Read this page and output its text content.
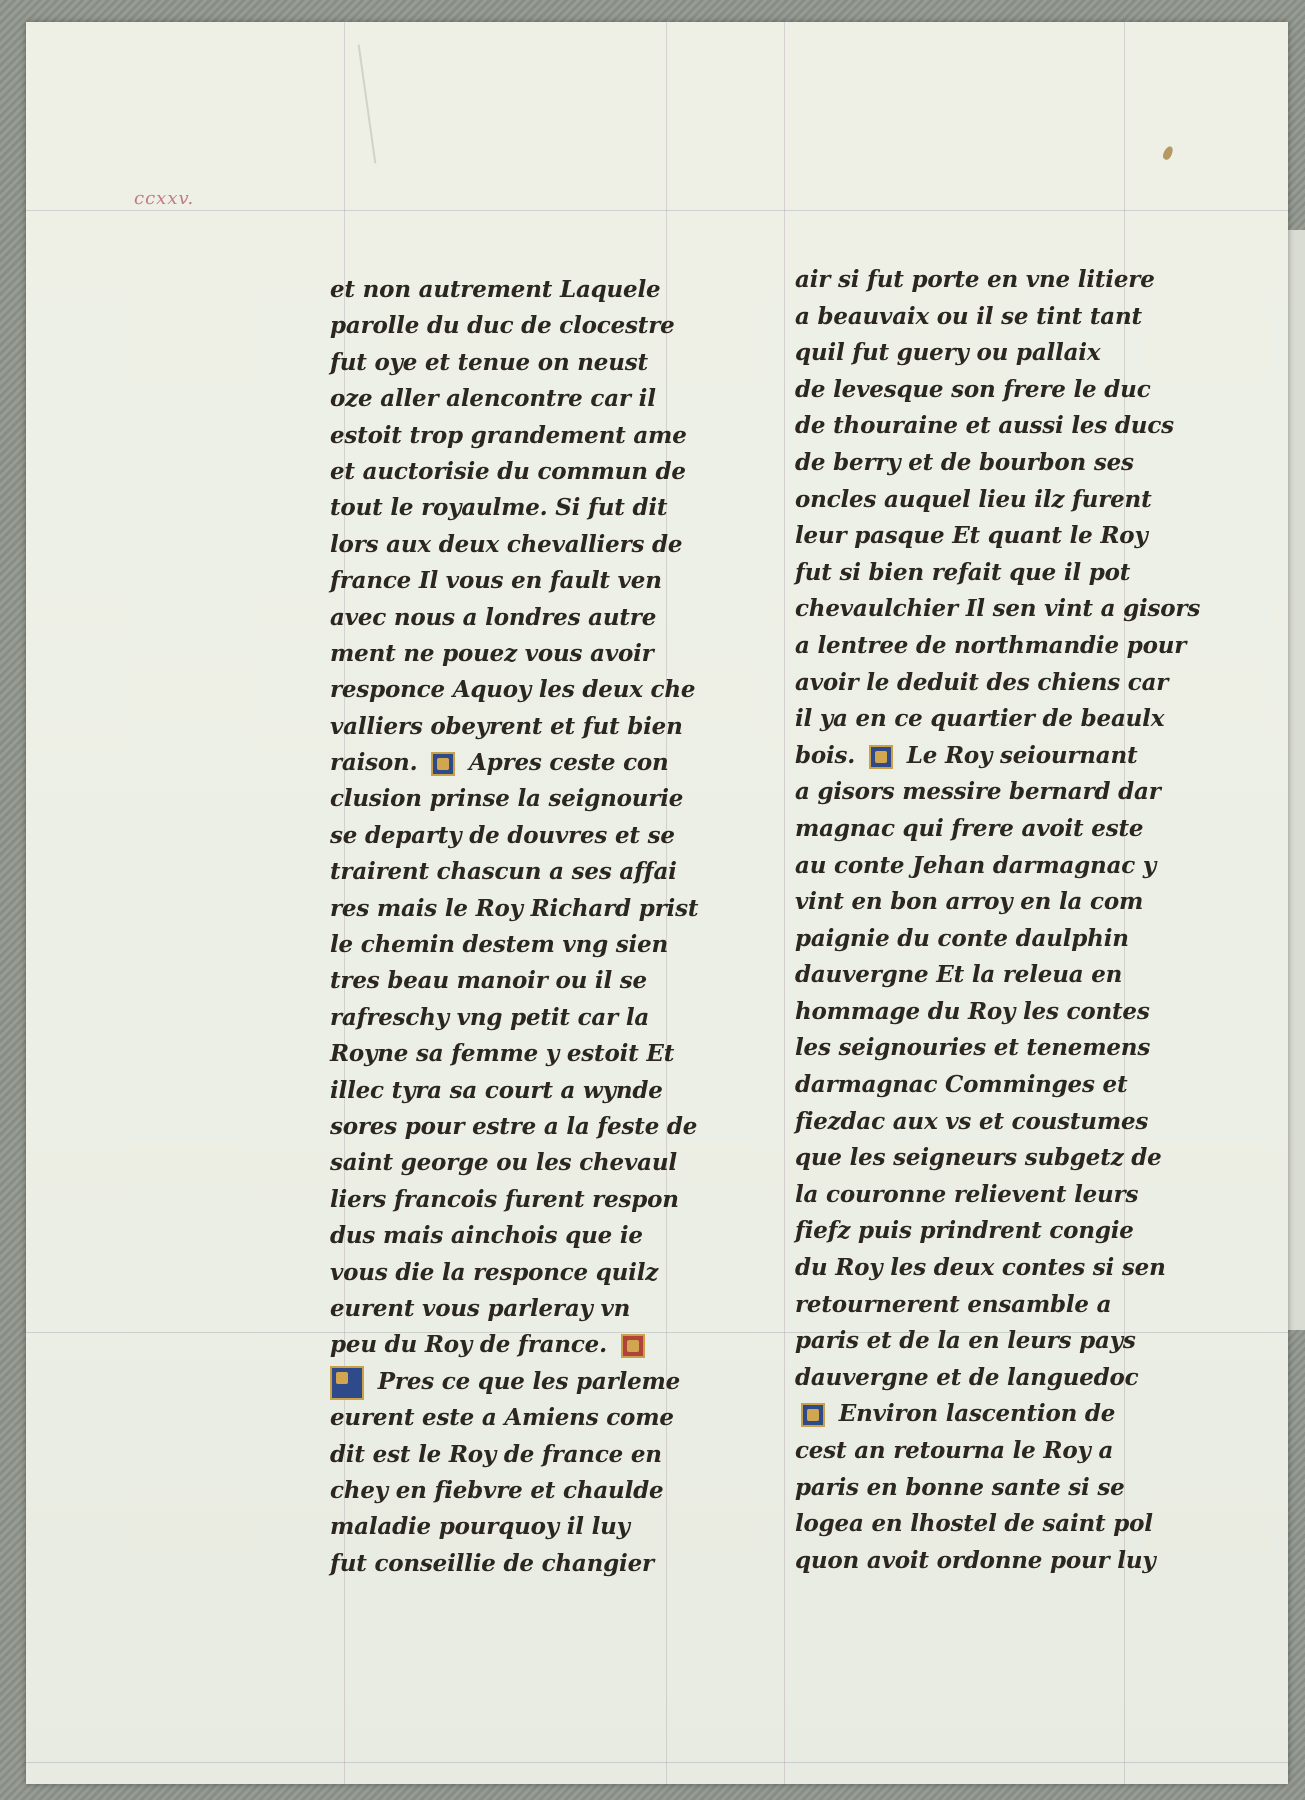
ccxxv.
et non autrement Laquele
parolle du duc de clocestre
fut oye et tenue on neust
oze aller alencontre car il
estoit trop grandement ame
et auctorisie du commun de
tout le royaulme. Si fut dit
lors aux deux chevalliers de
france Il vous en fault ven
avec nous a londres autre
ment ne pouez vous avoir
responce Aquoy les deux che
valliers obeyrent et fut bien
raison.  Apres ceste con
clusion prinse la seignourie
se departy de douvres et se
trairent chascun a ses affai
res mais le Roy Richard prist
le chemin destem vng sien
tres beau manoir ou il se
rafreschy vng petit car la
Royne sa femme y estoit Et
illec tyra sa court a wynde
sores pour estre a la feste de
saint george ou les chevaul
liers francois furent respon
dus mais ainchois que ie
vous die la responce quilz
eurent vous parleray vn
peu du Roy de france.
Pres ce que les parleme
eurent este a Amiens come
dit est le Roy de france en
chey en fiebvre et chaulde
maladie pourquoy il luy
fut conseillie de changier
air si fut porte en vne litiere
a beauvaix ou il se tint tant
quil fut guery ou pallaix
de levesque son frere le duc
de thouraine et aussi les ducs
de berry et de bourbon ses
oncles auquel lieu ilz furent
leur pasque Et quant le Roy
fut si bien refait que il pot
chevaulchier Il sen vint a gisors
a lentree de northmandie pour
avoir le deduit des chiens car
il ya en ce quartier de beaulx
bois.  Le Roy seiournant
a gisors messire bernard dar
magnac qui frere avoit este
au conte Jehan darmagnac y
vint en bon arroy en la com
paignie du conte daulphin
dauvergne Et la releua en
hommage du Roy les contes
les seignouries et tenemens
darmagnac Comminges et
fiezdac aux vs et coustumes
que les seigneurs subgetz de
la couronne relievent leurs
fiefz puis prindrent congie
du Roy les deux contes si sen
retournerent ensamble a
paris et de la en leurs pays
dauvergne et de languedoc
Environ lascention de
cest an retourna le Roy a
paris en bonne sante si se
logea en lhostel de saint pol
quon avoit ordonne pour luy
